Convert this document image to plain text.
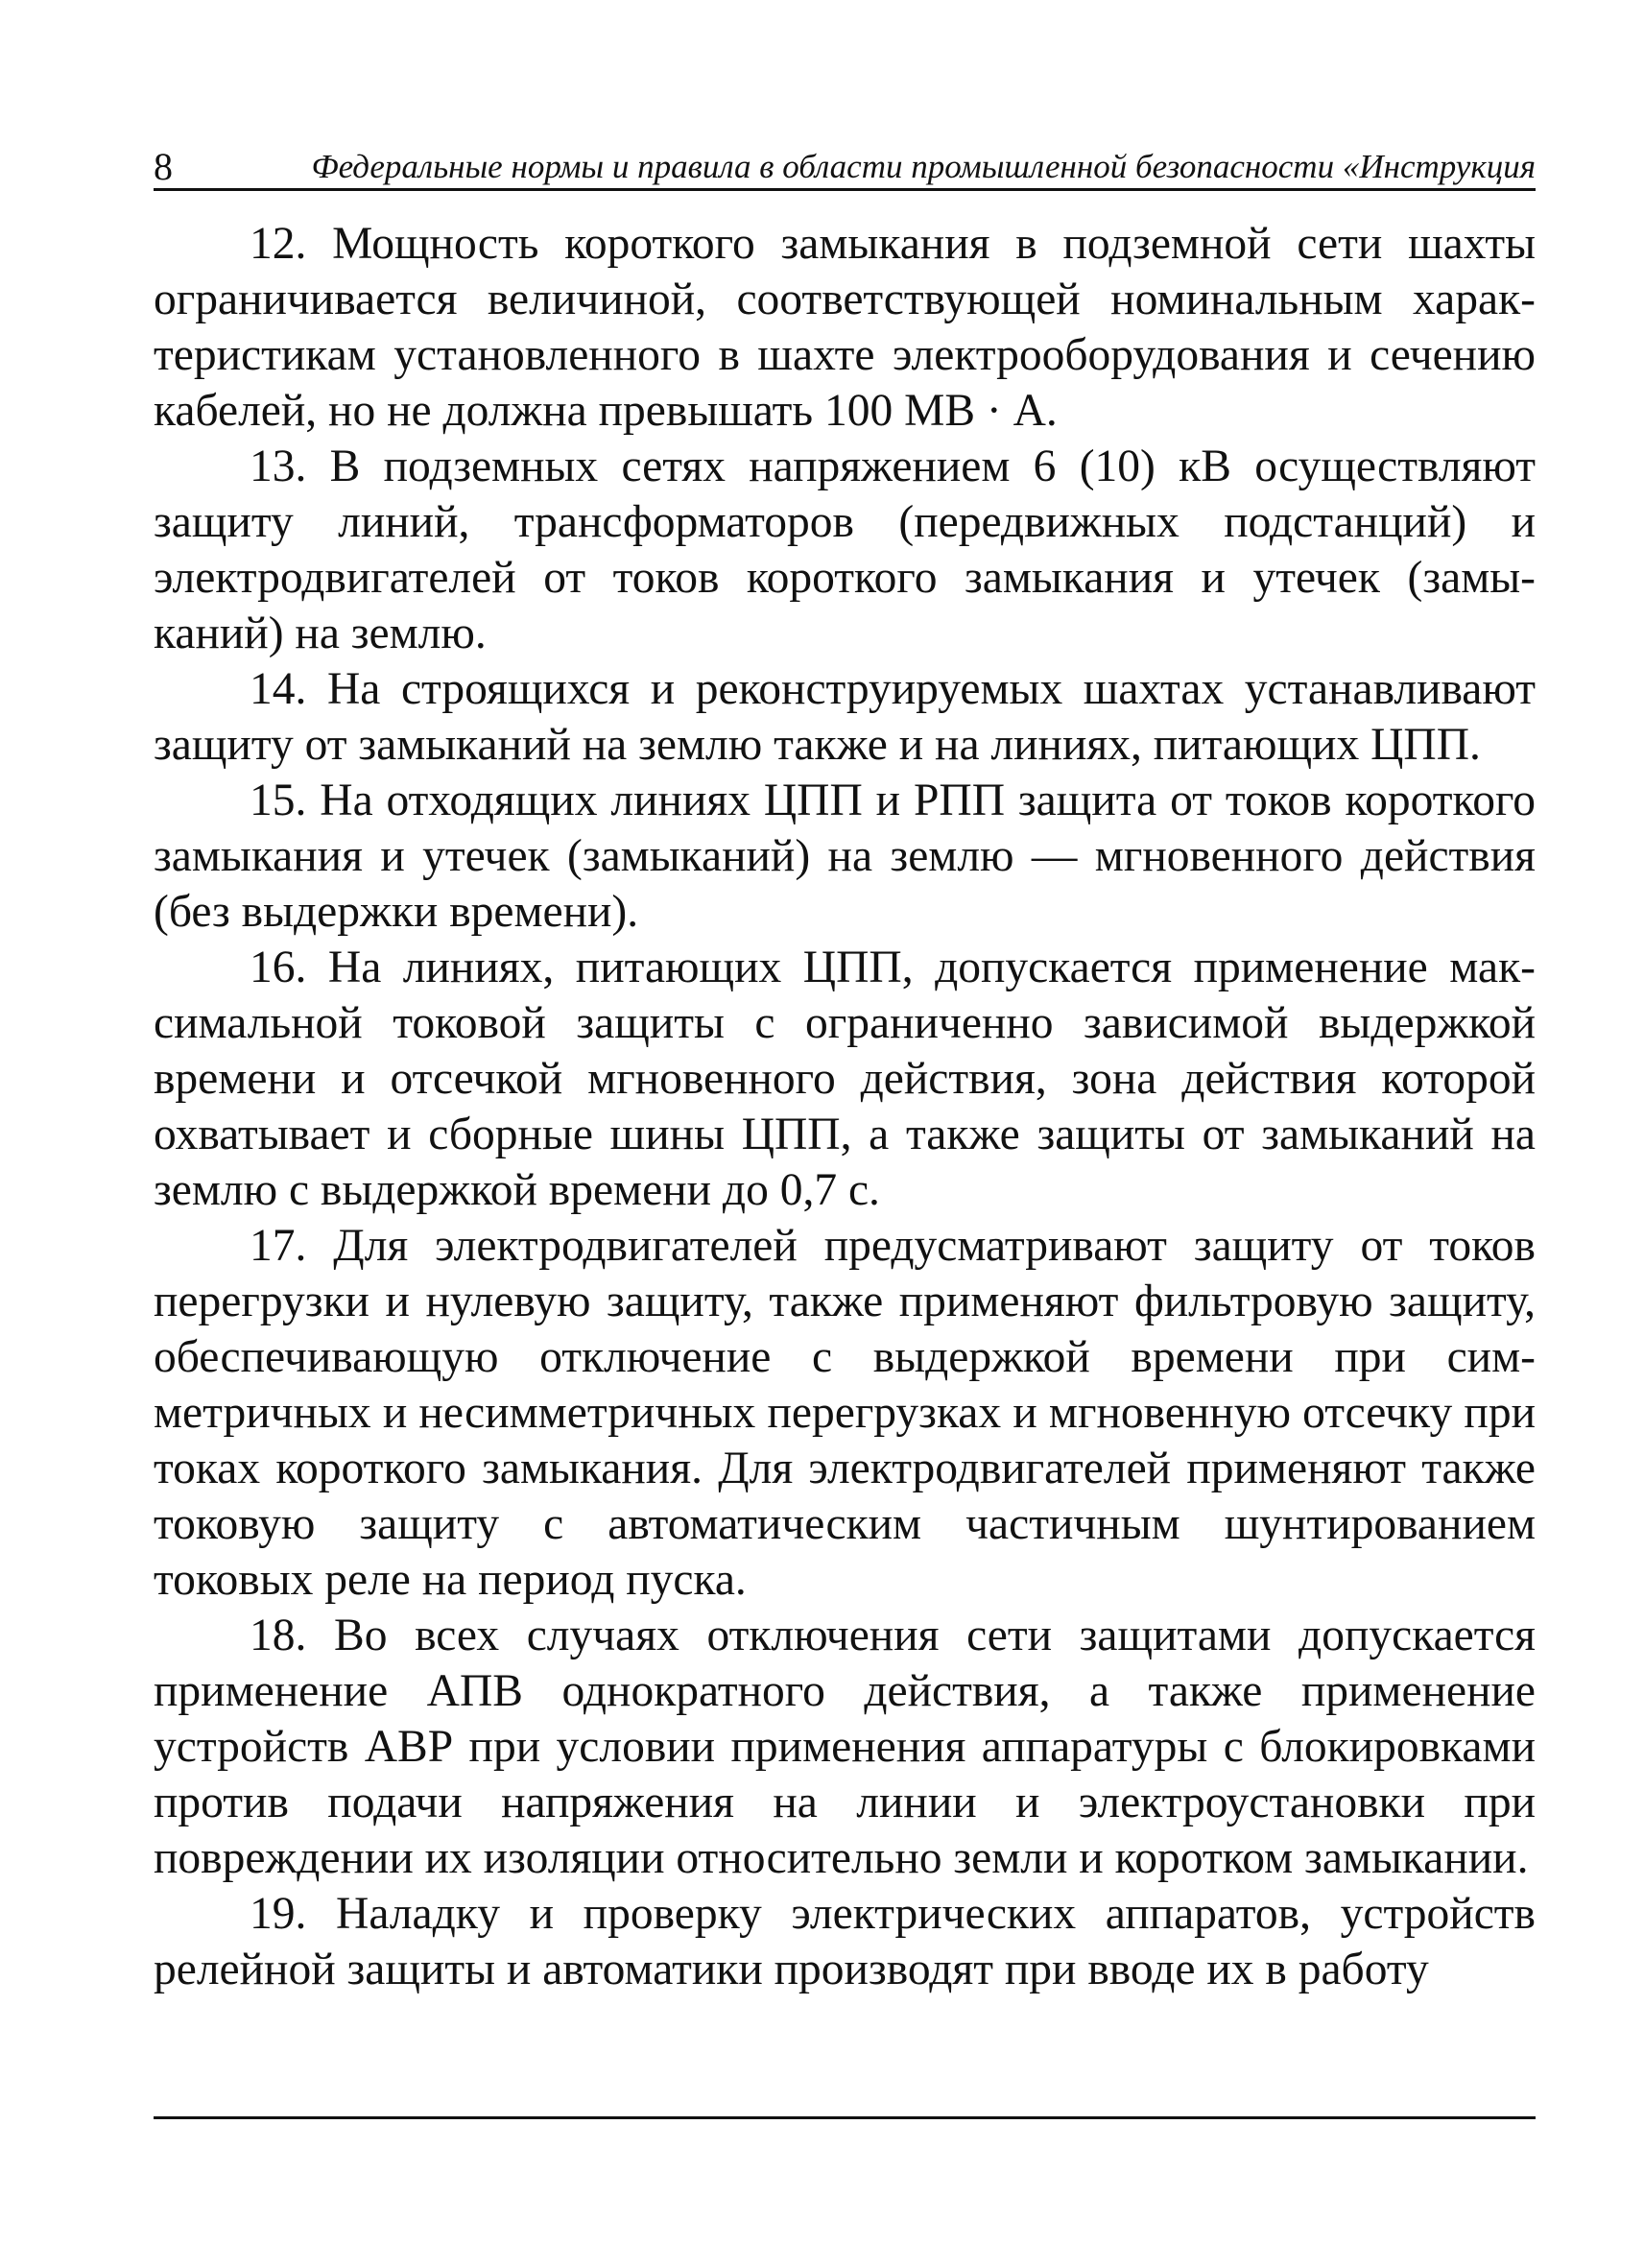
8	Федеральные нормы и правила в области промышленной безопасности «Инструкция

12. Мощность короткого замыкания в подземной сети шахты ограничивается величиной, соответствующей номинальным характеристикам установленного в шахте электрооборудования и сечению кабелей, но не должна превышать 100 МВ · А.

13. В подземных сетях напряжением 6 (10) кВ осуществляют защиту линий, трансформаторов (передвижных подстанций) и электродвигателей от токов короткого замыкания и утечек (замыканий) на землю.

14. На строящихся и реконструируемых шахтах устанавливают защиту от замыканий на землю также и на линиях, питающих ЦПП.

15. На отходящих линиях ЦПП и РПП защита от токов короткого замыкания и утечек (замыканий) на землю — мгновенного действия (без выдержки времени).

16. На линиях, питающих ЦПП, допускается применение максимальной токовой защиты с ограниченно зависимой выдержкой времени и отсечкой мгновенного действия, зона действия которой охватывает и сборные шины ЦПП, а также защиты от замыканий на землю с выдержкой времени до 0,7 с.

17. Для электродвигателей предусматривают защиту от токов перегрузки и нулевую защиту, также применяют фильтровую защиту, обеспечивающую отключение с выдержкой времени при симметричных и несимметричных перегрузках и мгновенную отсечку при токах короткого замыкания. Для электродвигателей применяют также токовую защиту с автоматическим частичным шунтированием токовых реле на период пуска.

18. Во всех случаях отключения сети защитами допускается применение АПВ однократного действия, а также применение устройств АВР при условии применения аппаратуры с блокировками против подачи напряжения на линии и электроустановки при повреждении их изоляции относительно земли и коротком замыкании.

19. Наладку и проверку электрических аппаратов, устройств релейной защиты и автоматики производят при вводе их в работу
